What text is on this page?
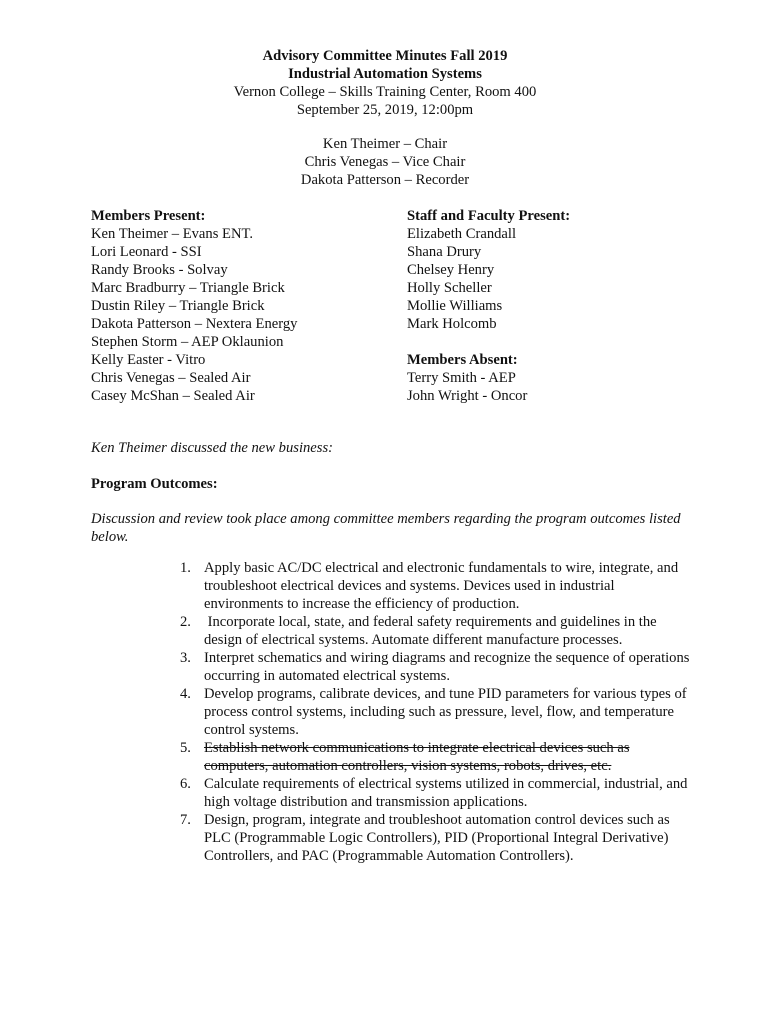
Advisory Committee Minutes Fall 2019
Industrial Automation Systems
Vernon College – Skills Training Center, Room 400
September 25, 2019, 12:00pm
Ken Theimer – Chair
Chris Venegas – Vice Chair
Dakota Patterson – Recorder
Members Present:
Ken Theimer – Evans ENT.
Lori Leonard - SSI
Randy Brooks - Solvay
Marc Bradburry – Triangle Brick
Dustin Riley – Triangle Brick
Dakota Patterson – Nextera Energy
Stephen Storm – AEP Oklaunion
Kelly Easter - Vitro
Chris Venegas – Sealed Air
Casey McShan – Sealed Air
Staff and Faculty Present:
Elizabeth Crandall
Shana Drury
Chelsey Henry
Holly Scheller
Mollie Williams
Mark Holcomb
Members Absent:
Terry Smith - AEP
John Wright - Oncor
Ken Theimer discussed the new business:
Program Outcomes:
Discussion and review took place among committee members regarding the program outcomes listed below.
1. Apply basic AC/DC electrical and electronic fundamentals to wire, integrate, and troubleshoot electrical devices and systems. Devices used in industrial environments to increase the efficiency of production.
2. Incorporate local, state, and federal safety requirements and guidelines in the design of electrical systems. Automate different manufacture processes.
3. Interpret schematics and wiring diagrams and recognize the sequence of operations occurring in automated electrical systems.
4. Develop programs, calibrate devices, and tune PID parameters for various types of process control systems, including such as pressure, level, flow, and temperature control systems.
5. Establish network communications to integrate electrical devices such as computers, automation controllers, vision systems, robots, drives, etc.
6. Calculate requirements of electrical systems utilized in commercial, industrial, and high voltage distribution and transmission applications.
7. Design, program, integrate and troubleshoot automation control devices such as PLC (Programmable Logic Controllers), PID (Proportional Integral Derivative) Controllers, and PAC (Programmable Automation Controllers).
